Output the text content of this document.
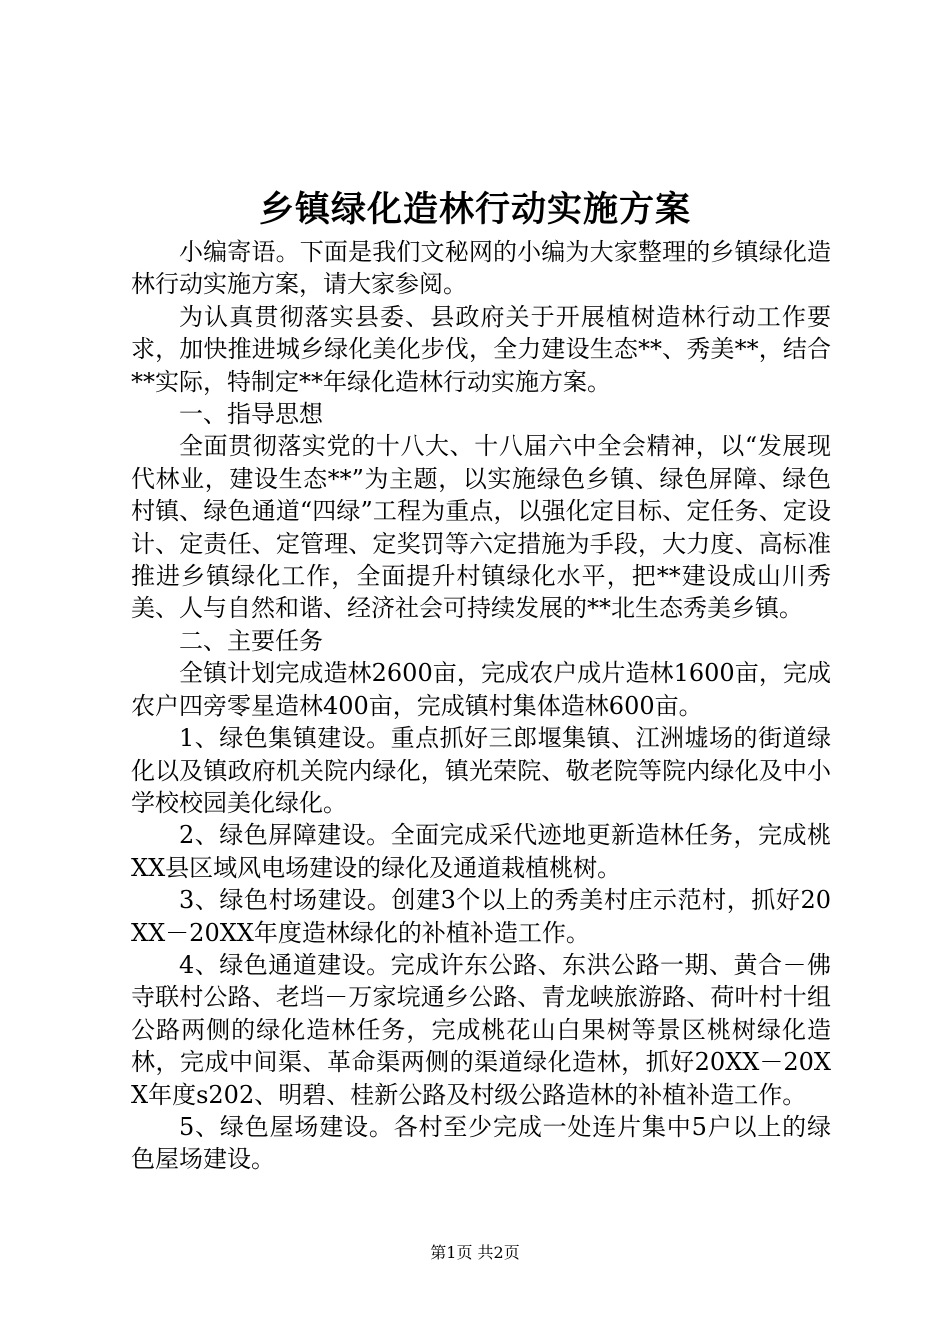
乡镇绿化造林行动实施方案

小编寄语。下面是我们文秘网的小编为大家整理的乡镇绿化造林行动实施方案，请大家参阅。

为认真贯彻落实县委、县政府关于开展植树造林行动工作要求，加快推进城乡绿化美化步伐，全力建设生态**、秀美**，结合**实际，特制定**年绿化造林行动实施方案。

一、指导思想

全面贯彻落实党的十八大、十八届六中全会精神，以“发展现代林业，建设生态**”为主题，以实施绿色乡镇、绿色屏障、绿色村镇、绿色通道“四绿”工程为重点，以强化定目标、定任务、定设计、定责任、定管理、定奖罚等六定措施为手段，大力度、高标准推进乡镇绿化工作，全面提升村镇绿化水平，把**建设成山川秀美、人与自然和谐、经济社会可持续发展的**北生态秀美乡镇。

二、主要任务

全镇计划完成造林2600亩，完成农户成片造林1600亩，完成农户四旁零星造林400亩，完成镇村集体造林600亩。

1、绿色集镇建设。重点抓好三郎堰集镇、江洲墟场的街道绿化以及镇政府机关院内绿化，镇光荣院、敬老院等院内绿化及中小学校校园美化绿化。

2、绿色屏障建设。全面完成采代迹地更新造林任务，完成桃XX县区域风电场建设的绿化及通道栽植桃树。

3、绿色村场建设。创建3个以上的秀美村庄示范村，抓好20XX－20XX年度造林绿化的补植补造工作。

4、绿色通道建设。完成许东公路、东洪公路一期、黄合－佛寺联村公路、老垱－万家垸通乡公路、青龙峡旅游路、荷叶村十组公路两侧的绿化造林任务，完成桃花山白果树等景区桃树绿化造林，完成中间渠、革命渠两侧的渠道绿化造林，抓好20XX－20XX年度s202、明碧、桂新公路及村级公路造林的补植补造工作。

5、绿色屋场建设。各村至少完成一处连片集中5户以上的绿色屋场建设。

第1页 共2页
